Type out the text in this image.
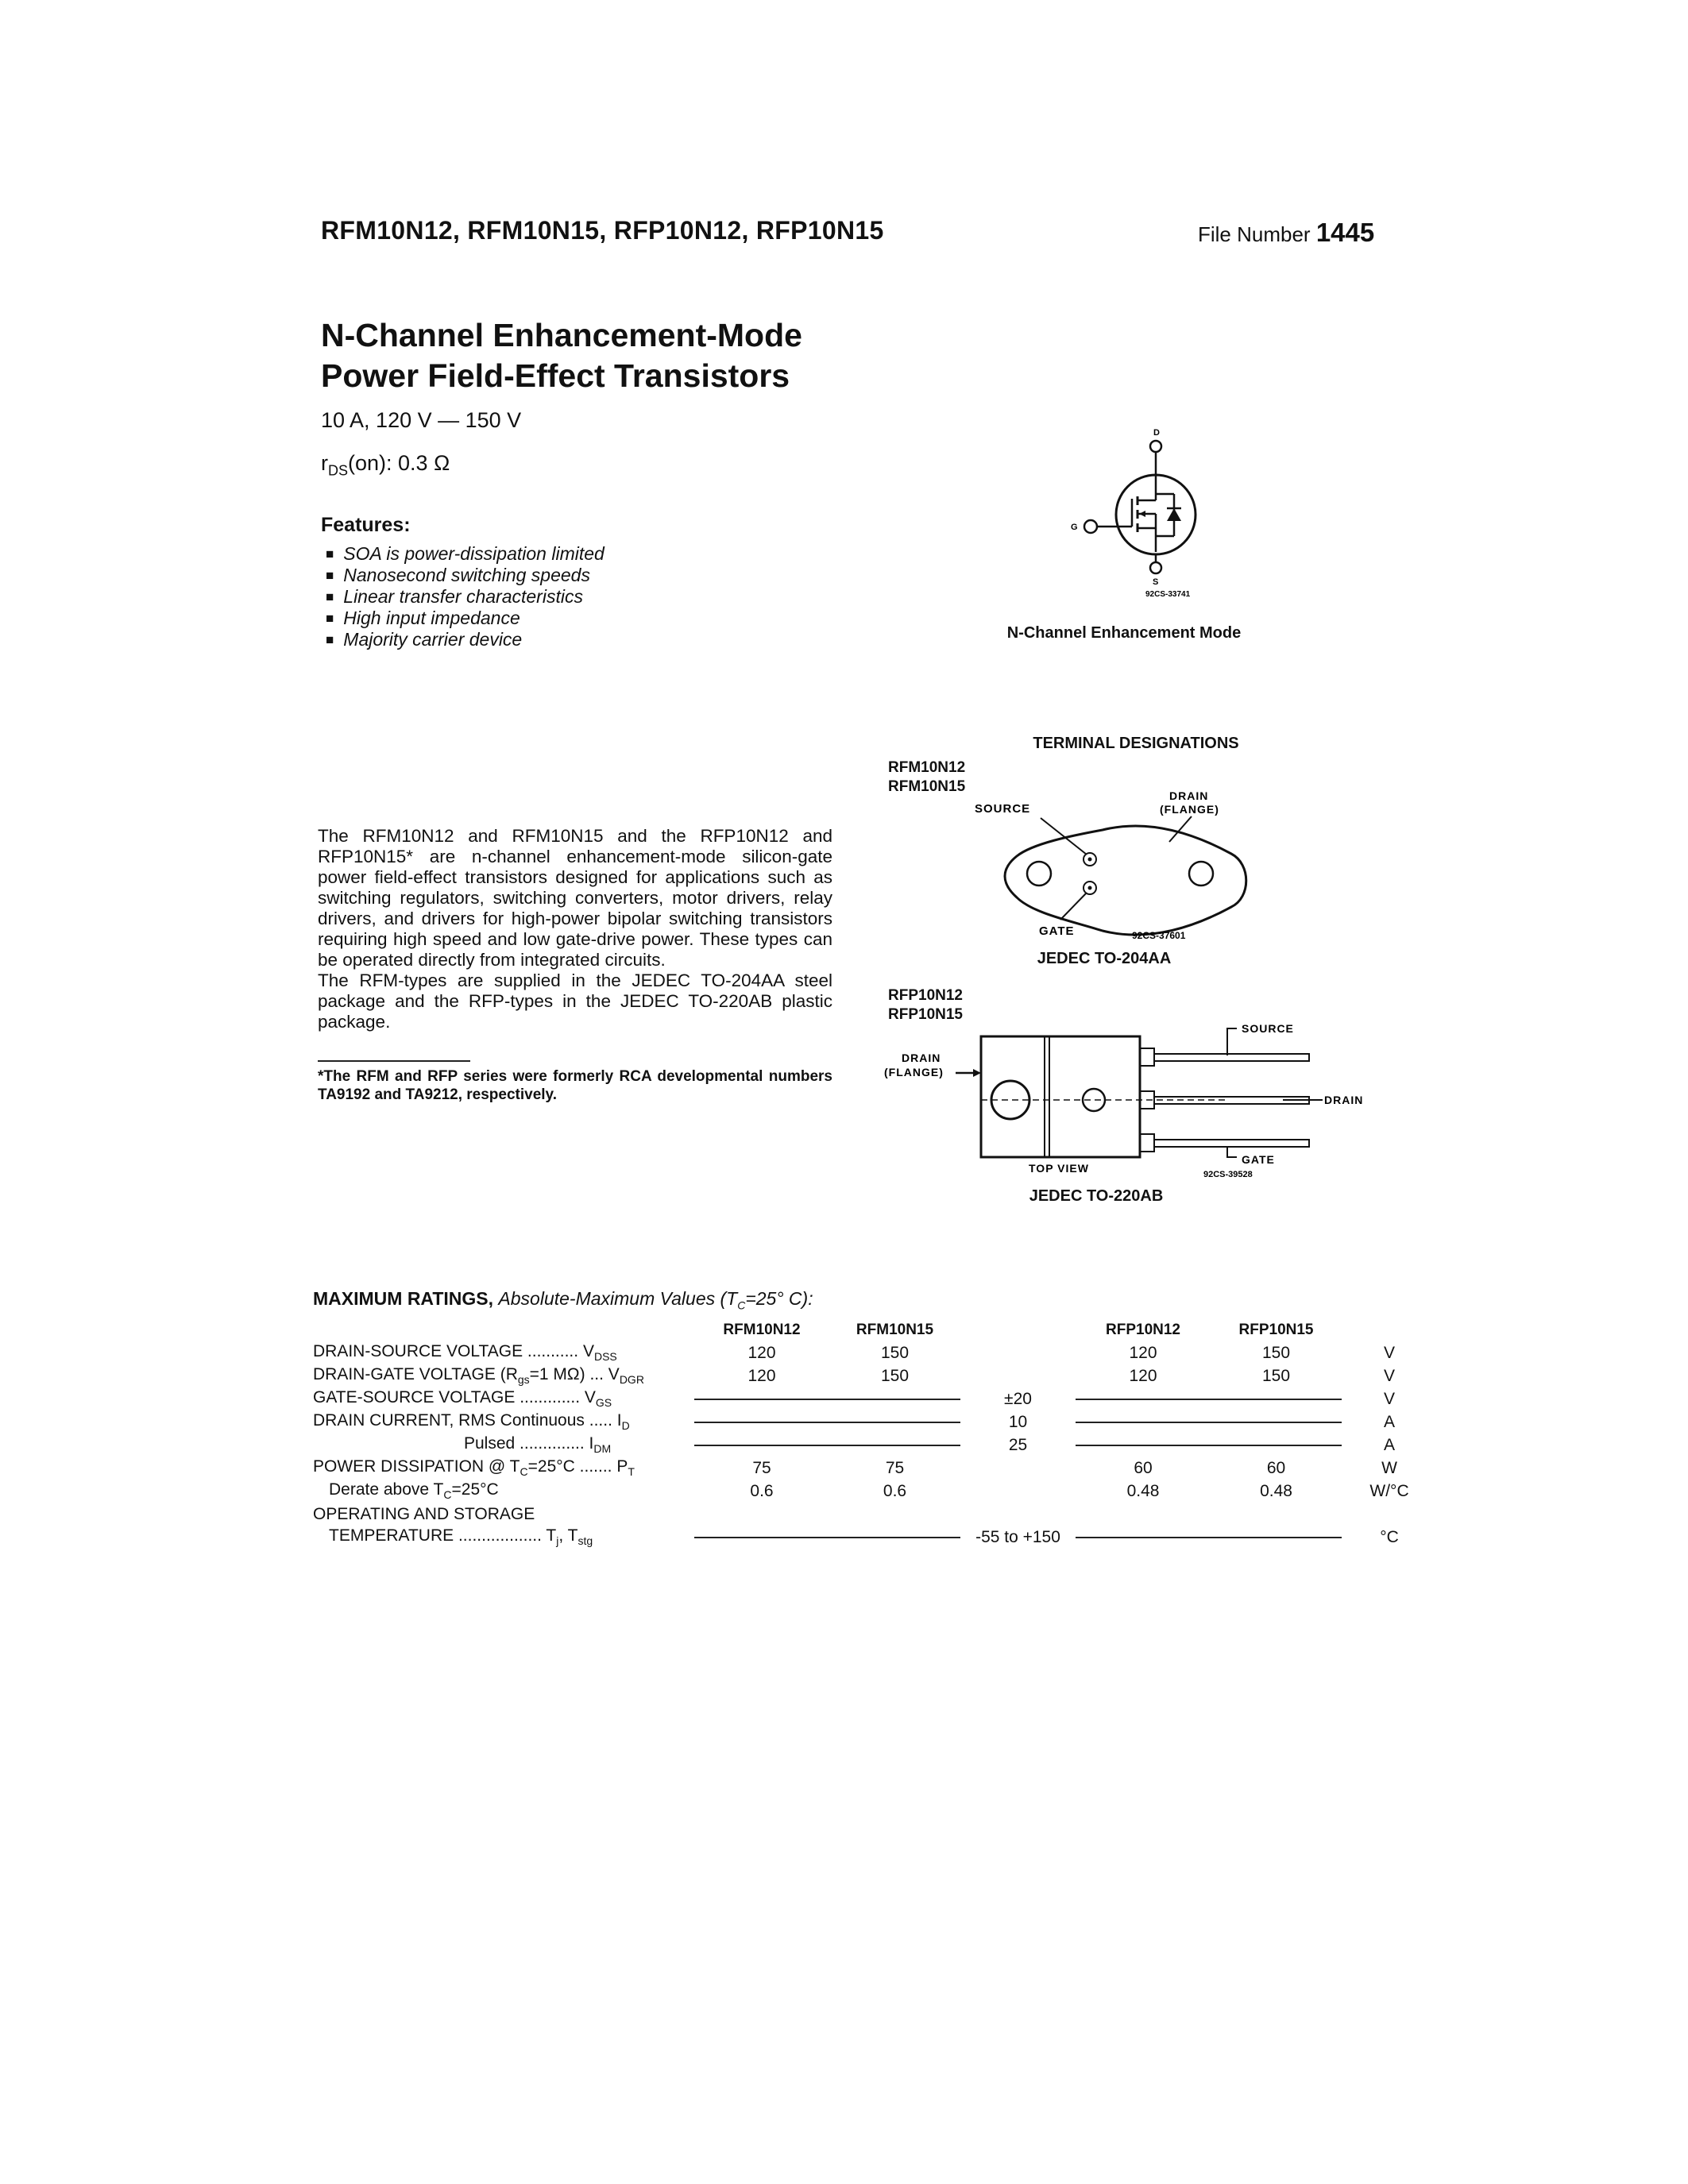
RFM10N12, RFM10N15, RFP10N12, RFP10N15	File Number 1445
N-Channel Enhancement-Mode
Power Field-Effect Transistors
10 A, 120 V — 150 V
$r_{DS}(on)$: 0.3 Ω
Features:
■ SOA is power-dissipation limited
■ Nanosecond switching speeds
■ Linear transfer characteristics
■ High input impedance
■ Majority carrier device
D
G
S
92CS-33741
N-Channel Enhancement Mode
TERMINAL DESIGNATIONS
RFM10N12
RFM10N15
SOURCE
DRAIN
(FLANGE)
GATE	92CS-37601
JEDEC TO-204AA
RFP10N12
RFP10N15
DRAIN
(FLANGE)
SOURCE
DRAIN
GATE
TOP VIEW	92CS-39528
JEDEC TO-220AB

The RFM10N12 and RFM10N15 and the RFP10N12 and RFP10N15* are n-channel enhancement-mode silicon-gate power field-effect transistors designed for applications such as switching regulators, switching converters, motor drivers, relay drivers, and drivers for high-power bipolar switching transistors requiring high speed and low gate-drive power. These types can be operated directly from integrated circuits.

The RFM-types are supplied in the JEDEC TO-204AA steel package and the RFP-types in the JEDEC TO-220AB plastic package.

*The RFM and RFP series were formerly RCA developmental numbers TA9192 and TA9212, respectively.
MAXIMUM RATINGS, Absolute-Maximum Values ($T_C=25^\circ$ C):
	RFM10N12	RFM10N15		RFP10N12	RFP10N15	
DRAIN-SOURCE VOLTAGE ........... $V_{DSS}$	120	150		120	150	V
DRAIN-GATE VOLTAGE ($R_{gs}=1$ MΩ) ... $V_{DGR}$	120	150		120	150	V
GATE-SOURCE VOLTAGE ............. $V_{GS}$			±20			V
DRAIN CURRENT, RMS Continuous ..... $I_D$			10			A
Pulsed .............. $I_{DM}$			25			A
POWER DISSIPATION @ $T_C=25^\circ C$ ....... $P_T$	75	75		60	60	W
Derate above $T_C=25^\circ C$	0.6	0.6		0.48	0.48	W/°C
OPERATING AND STORAGE						
TEMPERATURE .................. $T_j$, $T_{stg}$			-55 to +150			°C
